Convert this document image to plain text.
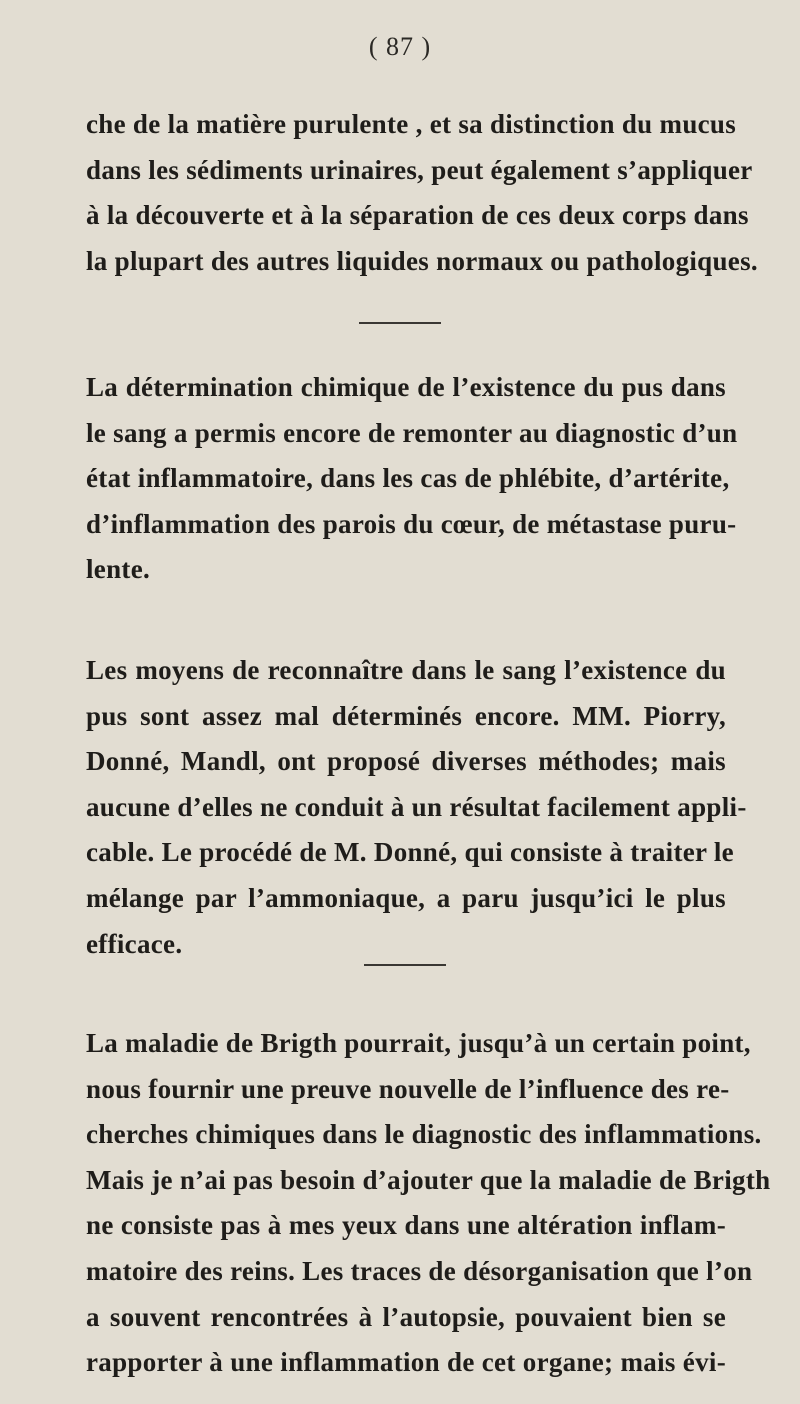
( 87 )

che de la matière purulente , et sa distinction du mucus
dans les sédiments urinaires, peut également s’appliquer
à la découverte et à la séparation de ces deux corps dans
la plupart des autres liquides normaux ou pathologiques.

La détermination chimique de l’existence du pus dans
le sang a permis encore de remonter au diagnostic d’un
état inflammatoire, dans les cas de phlébite, d’artérite,
d’inflammation des parois du cœur, de métastase puru-
lente.

Les moyens de reconnaître dans le sang l’existence du
pus sont assez mal déterminés encore. MM. Piorry,
Donné, Mandl, ont proposé diverses méthodes; mais
aucune d’elles ne conduit à un résultat facilement appli-
cable. Le procédé de M. Donné, qui consiste à traiter le
mélange par l’ammoniaque, a paru jusqu’ici le plus
efficace.

La maladie de Brigth pourrait, jusqu’à un certain point,
nous fournir une preuve nouvelle de l’influence des re-
cherches chimiques dans le diagnostic des inflammations.
Mais je n’ai pas besoin d’ajouter que la maladie de Brigth
ne consiste pas à mes yeux dans une altération inflam-
matoire des reins. Les traces de désorganisation que l’on
a souvent rencontrées à l’autopsie, pouvaient bien se
rapporter à une inflammation de cet organe; mais évi-
